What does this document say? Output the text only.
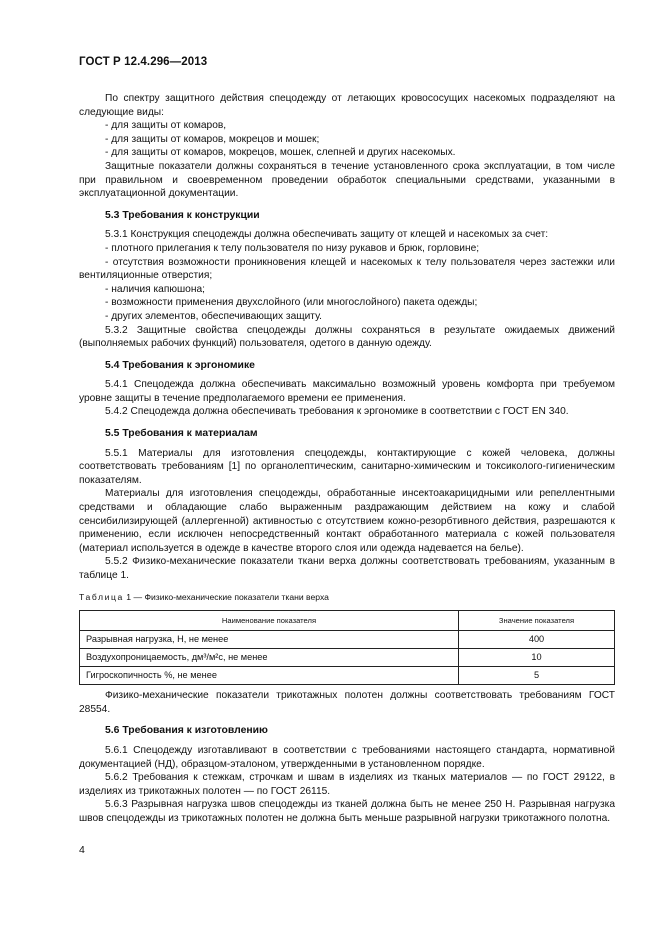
ГОСТ Р 12.4.296—2013

По спектру защитного действия спецодежду от летающих кровососущих насекомых подразделяют на следующие виды:

- для защиты от комаров,

- для защиты от комаров, мокрецов и мошек;

- для защиты от комаров, мокрецов, мошек, слепней и других насекомых.

Защитные показатели должны сохраняться в течение установленного срока эксплуатации, в том числе при правильном и своевременном проведении обработок специальными средствами, указанными в эксплуатационной документации.

5.3 Требования к конструкции

5.3.1 Конструкция спецодежды должна обеспечивать защиту от клещей и насекомых за счет:

- плотного прилегания к телу пользователя по низу рукавов и брюк, горловине;

- отсутствия возможности проникновения клещей и насекомых к телу пользователя через застежки или вентиляционные отверстия;

- наличия капюшона;

- возможности применения двухслойного (или многослойного) пакета одежды;

- других элементов, обеспечивающих защиту.

5.3.2 Защитные свойства спецодежды должны сохраняться в результате ожидаемых движений (выполняемых рабочих функций) пользователя, одетого в данную одежду.

5.4 Требования к эргономике

5.4.1 Спецодежда должна обеспечивать максимально возможный уровень комфорта при требуемом уровне защиты в течение предполагаемого времени ее применения.

5.4.2 Спецодежда должна обеспечивать требования к эргономике в соответствии с ГОСТ EN 340.

5.5 Требования к материалам

5.5.1 Материалы для изготовления спецодежды, контактирующие с кожей человека, должны соответствовать требованиям [1] по органолептическим, санитарно-химическим и токсиколого-гигиеническим показателям.

Материалы для изготовления спецодежды, обработанные инсектоакарицидными или репеллентными средствами и обладающие слабо выраженным раздражающим действием на кожу и слабой сенсибилизирующей (аллергенной) активностью с отсутствием кожно-резорбтивного действия, разрешаются к применению, если исключен непосредственный контакт обработанного материала с кожей пользователя (материал используется в одежде в качестве второго слоя или одежда надевается на белье).

5.5.2 Физико-механические показатели ткани верха должны соответствовать требованиям, указанным в таблице 1.

Таблица 1 — Физико-механические показатели ткани верха

Наименование показателя	Значение показателя
Разрывная нагрузка, Н, не менее	400
Воздухопроницаемость, дм³/м²с, не менее	10
Гигроскопичность %, не менее	5

Физико-механические показатели трикотажных полотен должны соответствовать требованиям ГОСТ 28554.

5.6 Требования к изготовлению

5.6.1 Спецодежду изготавливают в соответствии с требованиями настоящего стандарта, нормативной документацией (НД), образцом-эталоном, утвержденными в установленном порядке.

5.6.2 Требования к стежкам, строчкам и швам в изделиях из тканых материалов — по ГОСТ 29122, в изделиях из трикотажных полотен — по ГОСТ 26115.

5.6.3 Разрывная нагрузка швов спецодежды из тканей должна быть не менее 250 Н. Разрывная нагрузка швов спецодежды из трикотажных полотен не должна быть меньше разрывной нагрузки трикотажного полотна.

4
